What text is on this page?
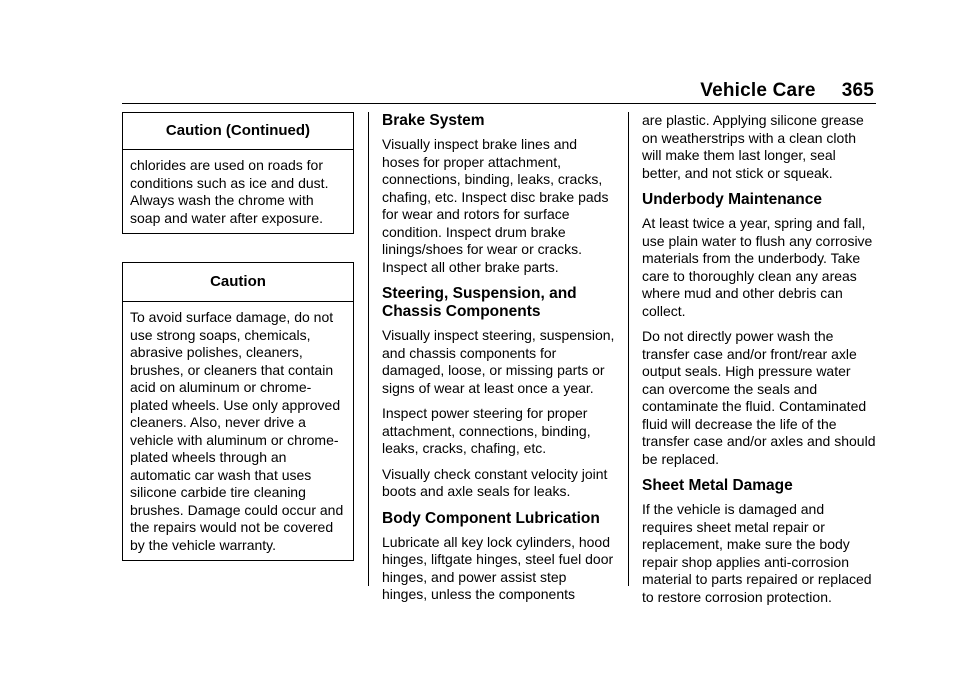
Vehicle Care 365
Caution (Continued)
chlorides are used on roads for conditions such as ice and dust. Always wash the chrome with soap and water after exposure.
Caution
To avoid surface damage, do not use strong soaps, chemicals, abrasive polishes, cleaners, brushes, or cleaners that contain acid on aluminum or chrome-plated wheels. Use only approved cleaners. Also, never drive a vehicle with aluminum or chrome-plated wheels through an automatic car wash that uses silicone carbide tire cleaning brushes. Damage could occur and the repairs would not be covered by the vehicle warranty.
Brake System

Visually inspect brake lines and hoses for proper attachment, connections, binding, leaks, cracks, chafing, etc. Inspect disc brake pads for wear and rotors for surface condition. Inspect drum brake linings/shoes for wear or cracks. Inspect all other brake parts.

Steering, Suspension, and Chassis Components

Visually inspect steering, suspension, and chassis components for damaged, loose, or missing parts or signs of wear at least once a year.

Inspect power steering for proper attachment, connections, binding, leaks, cracks, chafing, etc.

Visually check constant velocity joint boots and axle seals for leaks.

Body Component Lubrication

Lubricate all key lock cylinders, hood hinges, liftgate hinges, steel fuel door hinges, and power assist step hinges, unless the components

are plastic. Applying silicone grease on weatherstrips with a clean cloth will make them last longer, seal better, and not stick or squeak.

Underbody Maintenance

At least twice a year, spring and fall, use plain water to flush any corrosive materials from the underbody. Take care to thoroughly clean any areas where mud and other debris can collect.

Do not directly power wash the transfer case and/or front/rear axle output seals. High pressure water can overcome the seals and contaminate the fluid. Contaminated fluid will decrease the life of the transfer case and/or axles and should be replaced.

Sheet Metal Damage

If the vehicle is damaged and requires sheet metal repair or replacement, make sure the body repair shop applies anti-corrosion material to parts repaired or replaced to restore corrosion protection.
